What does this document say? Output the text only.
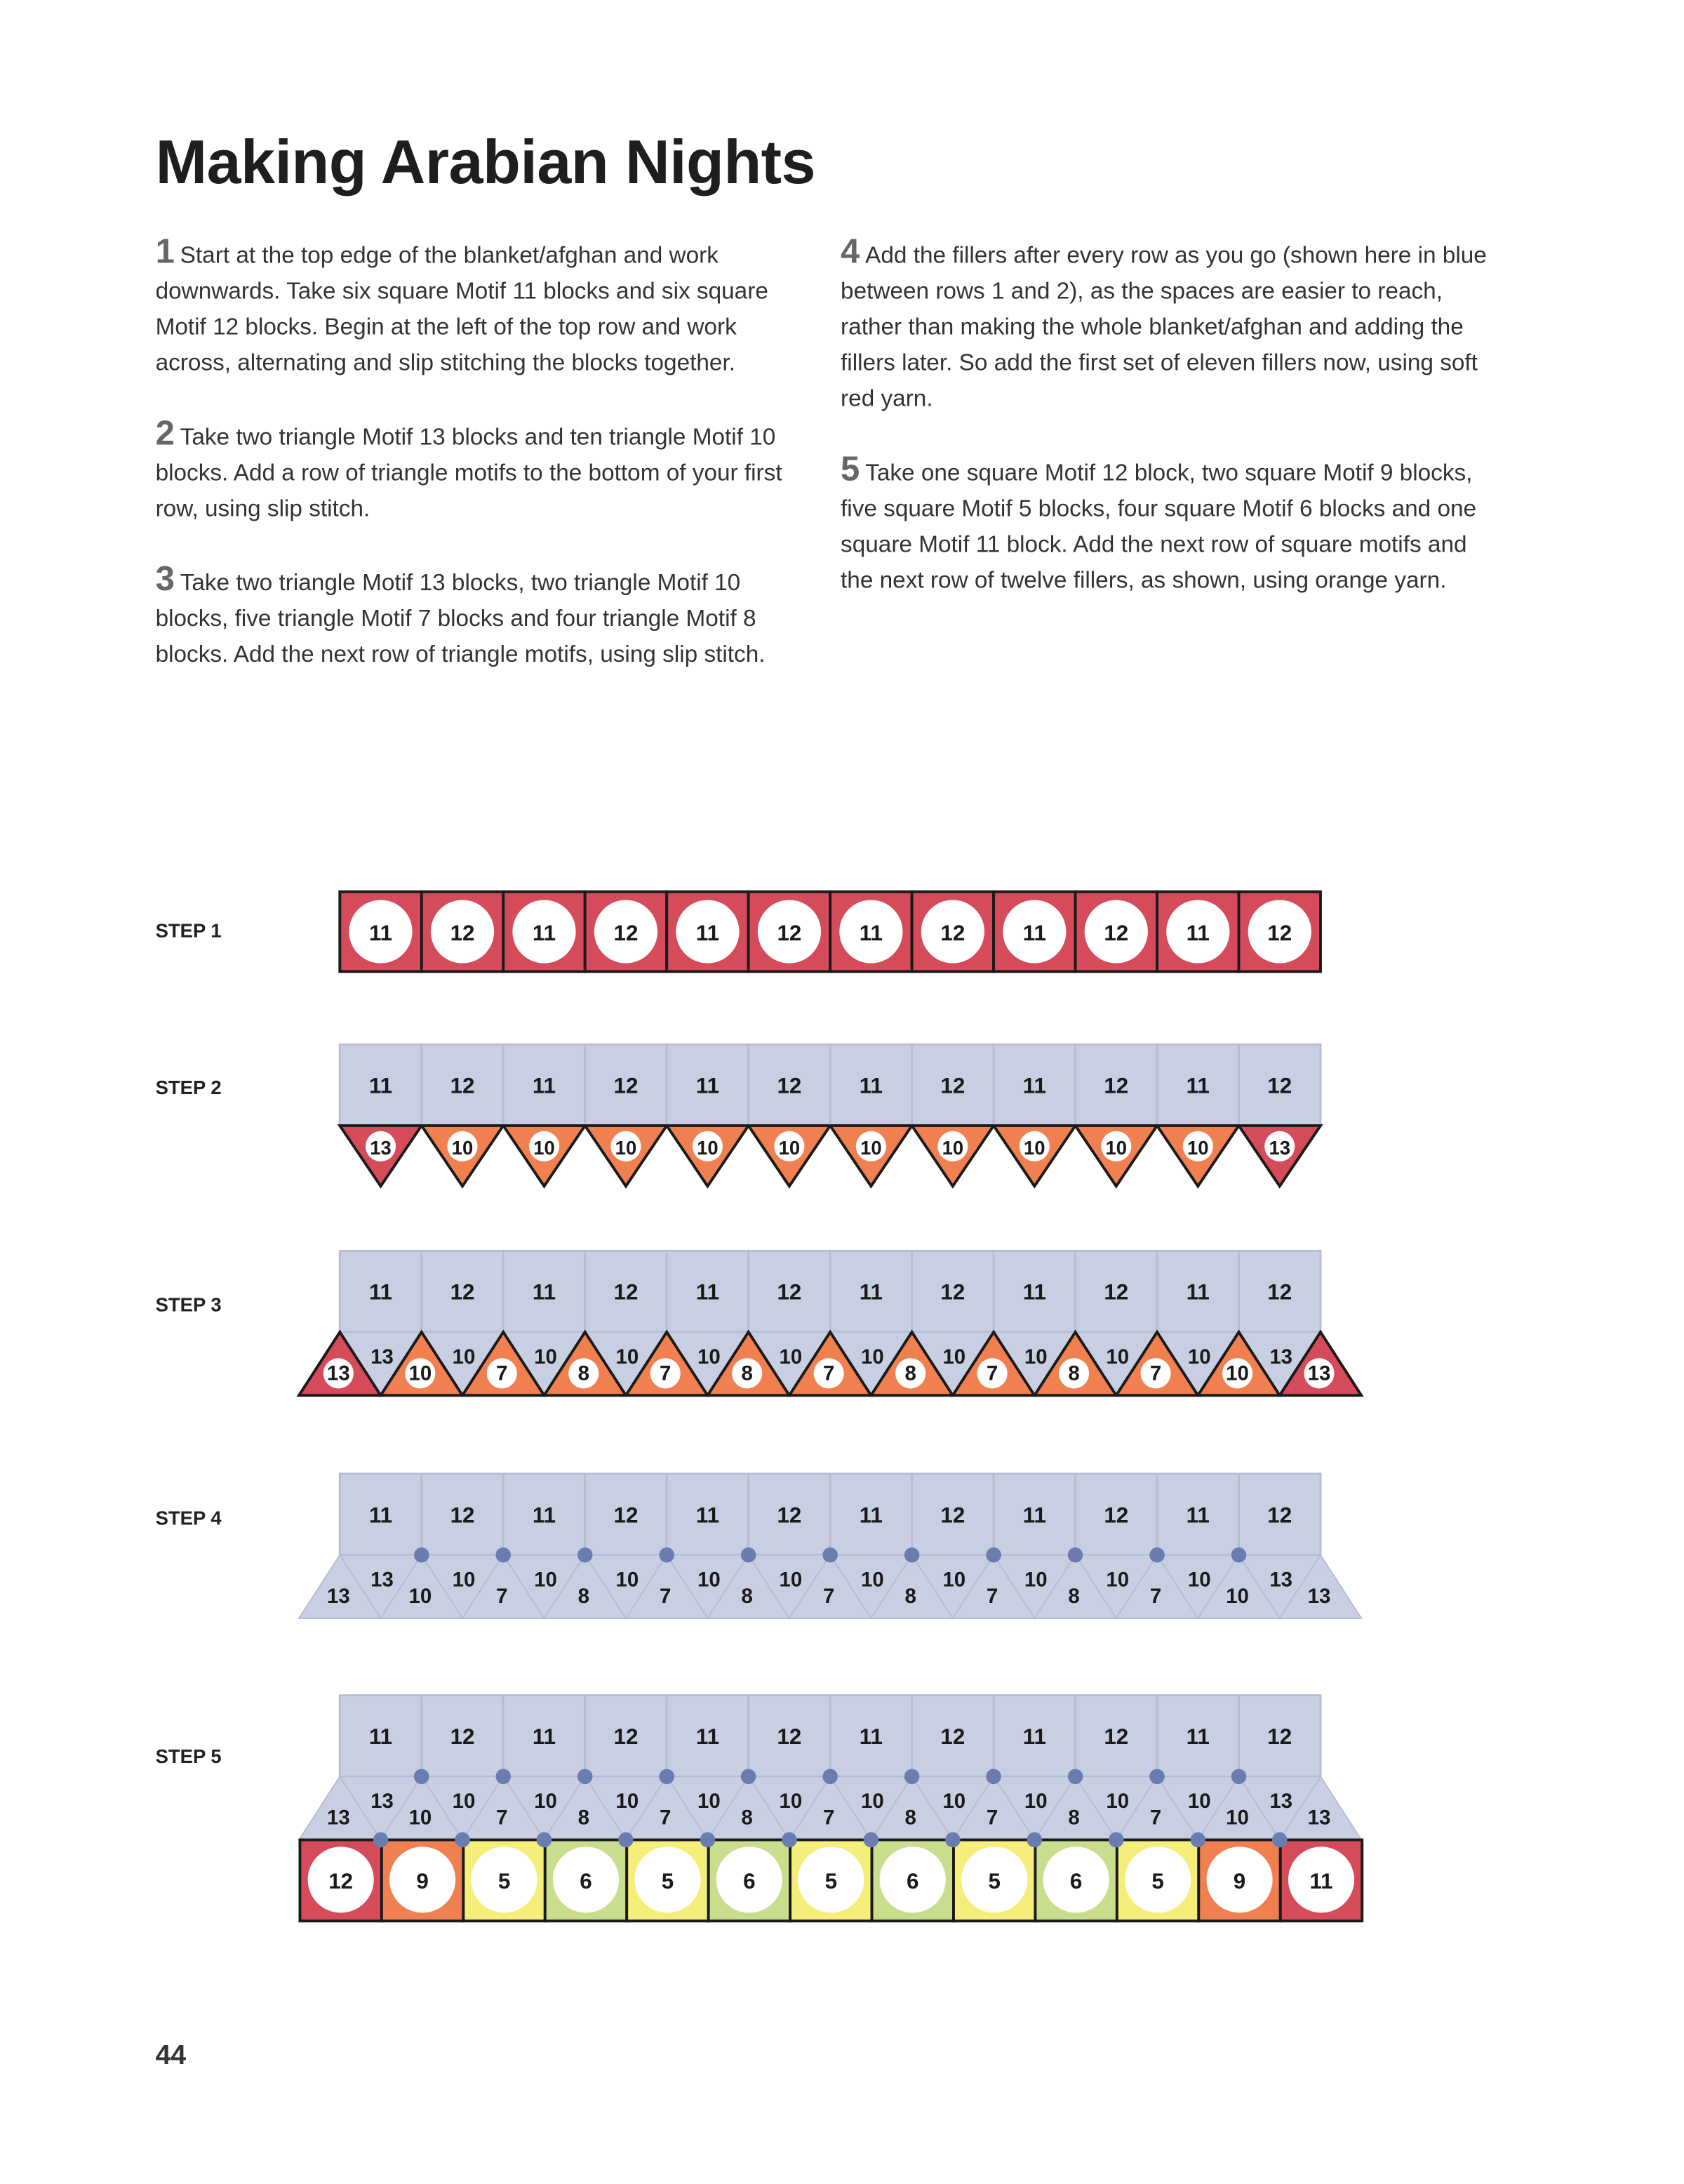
Making Arabian Nights
1 Start at the top edge of the blanket/afghan and work downwards. Take six square Motif 11 blocks and six square Motif 12 blocks. Begin at the left of the top row and work across, alternating and slip stitching the blocks together.
2 Take two triangle Motif 13 blocks and ten triangle Motif 10 blocks. Add a row of triangle motifs to the bottom of your first row, using slip stitch.
3 Take two triangle Motif 13 blocks, two triangle Motif 10 blocks, five triangle Motif 7 blocks and four triangle Motif 8 blocks. Add the next row of triangle motifs, using slip stitch.
4 Add the fillers after every row as you go (shown here in blue between rows 1 and 2), as the spaces are easier to reach, rather than making the whole blanket/afghan and adding the fillers later. So add the first set of eleven fillers now, using soft red yarn.
5 Take one square Motif 12 block, two square Motif 9 blocks, five square Motif 5 blocks, four square Motif 6 blocks and one square Motif 11 block. Add the next row of square motifs and the next row of twelve fillers, as shown, using orange yarn.
STEP 1
STEP 2
STEP 3
STEP 4
STEP 5
11	12	11	12	11	12	11	12	11	12	11	12
11	12	11	12	11	12	11	12	11	12	11	12
13	10	10	10	10	10	10	10	10	10	10	13
11	12	11	12	11	12	11	12	11	12	11	12
13	10	10	10	10	10	10	10	10	10	10	13
13	10	7	8	7	8	7	8	7	8	7	10	13
11	12	11	12	11	12	11	12	11	12	11	12
13	10	10	10	10	10	10	10	10	10	10	13
13	10	7	8	7	8	7	8	7	8	7	10	13
11	12	11	12	11	12	11	12	11	12	11	12
13	10	10	10	10	10	10	10	10	10	10	13
13	10	7	8	7	8	7	8	7	8	7	10	13
12	9	5	6	5	6	5	6	5	6	5	9	11
44
